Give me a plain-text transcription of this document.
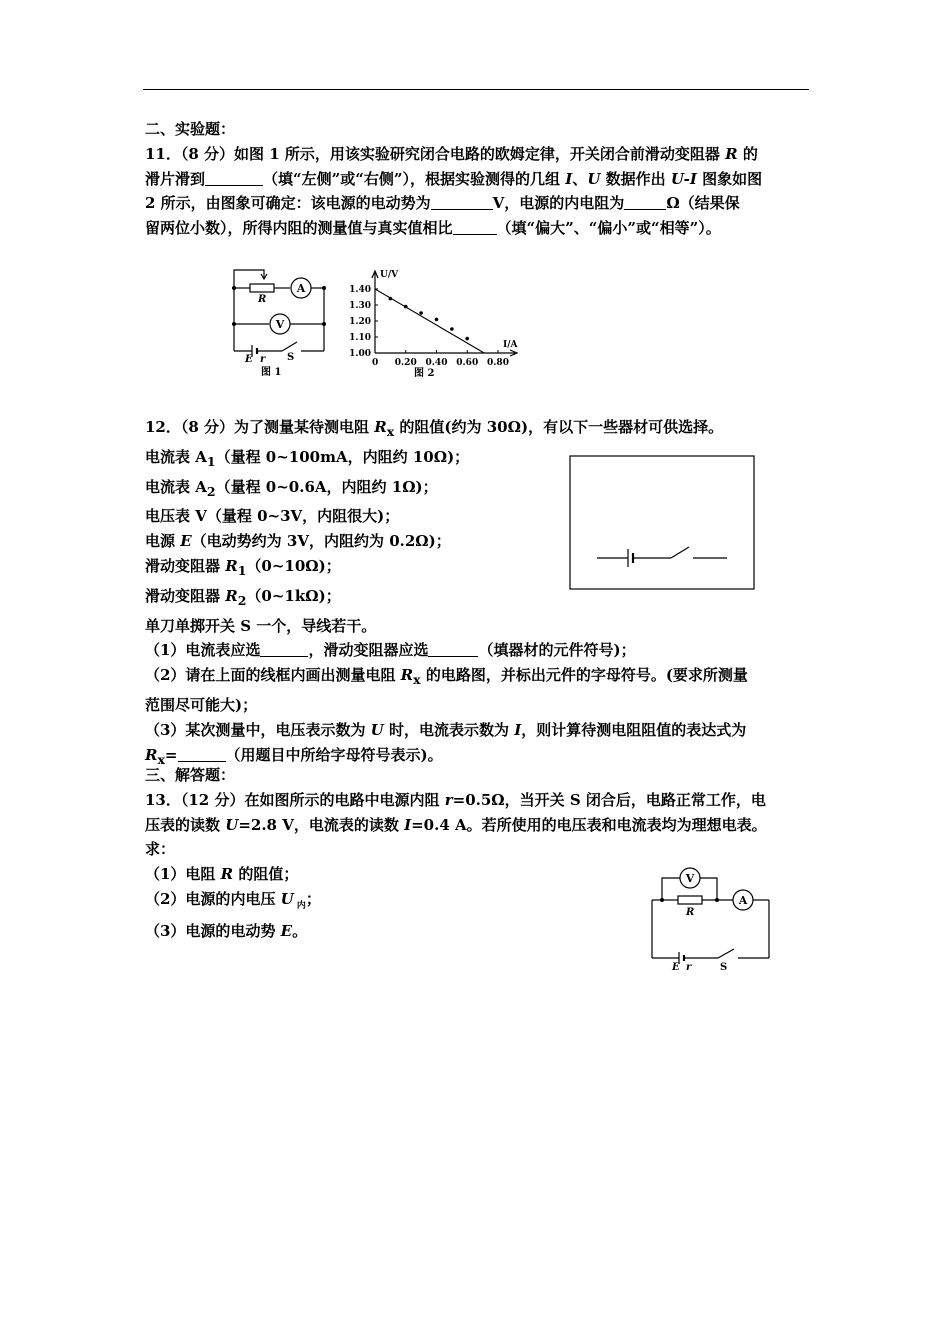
二、实验题：

11．（8 分）如图 1 所示，用该实验研究闭合电路的欧姆定律，开关闭合前滑动变阻器 R 的

滑片滑到	（填“左侧”或“右侧”），根据实验测得的几组 I、U 数据作出 U-I 图象如图

2 所示，由图象可确定：该电源的电动势为	V，电源的内电阻为	Ω（结果保

留两位小数），所得内阻的测量值与真实值相比	（填“偏大”、“偏小”或“相等”）。

R
A
V
E r S
图 1
U/V
I/A
0
图 2
1.00
1.10
1.20
1.30
1.40
0.20 0.40 0.60 0.80

12．（8 分）为了测量某待测电阻 $R_x$ 的阻值(约为 30Ω)，有以下一些器材可供选择。

电流表 $A_1$（量程 0~100mA，内阻约 10Ω)；

电流表 $A_2$（量程 0~0.6A，内阻约 1Ω)；

电压表 V（量程 0~3V，内阻很大)；

电源 E（电动势约为 3V，内阻约为 0.2Ω)；

滑动变阻器 $R_1(0\sim 10\Omega)$；

滑动变阻器 $R_2(0\sim 1k\Omega)$；

单刀单掷开关 S 一个，导线若干。

（1）电流表应选	，滑动变阻器应选	（填器材的元件符号)；

（2）请在上面的线框内画出测量电阻 $R_x$ 的电路图，并标出元件的字母符号。(要求所测量

范围尽可能大)；

（3）某次测量中，电压表示数为 U 时，电流表示数为 I，则计算待测电阻阻值的表达式为

$R_x=$	（用题目中所给字母符号表示)。

三、解答题：

13．（12 分）在如图所示的电路中电源内阻 r=0.5Ω，当开关 S 闭合后，电路正常工作，电

压表的读数 U=2.8 V，电流表的读数 I=0.4 A。若所使用的电压表和电流表均为理想电表。

求：

（1）电阻 R 的阻值；

（2）电源的内电压 U $_内$；

（3）电源的电动势 E。

V
R
A
E r	S
